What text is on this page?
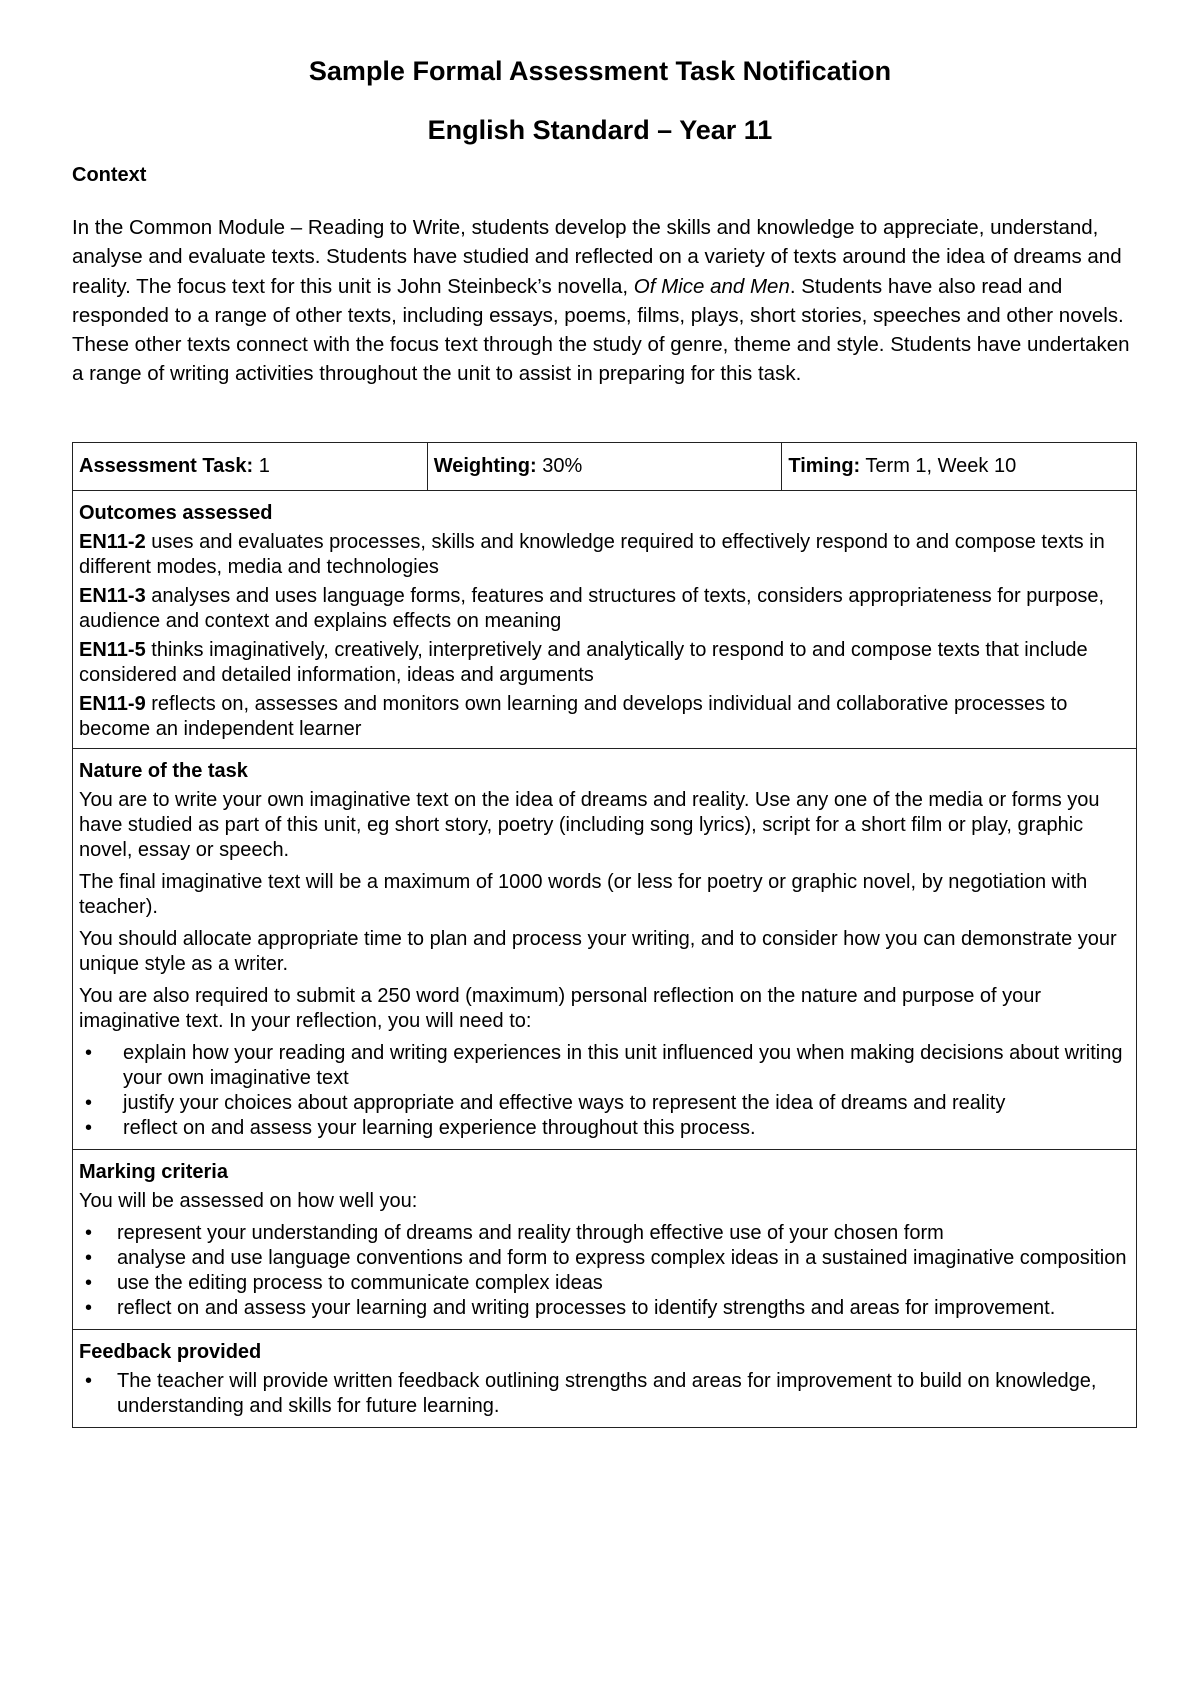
Sample Formal Assessment Task Notification
English Standard – Year 11
Context

In the Common Module – Reading to Write, students develop the skills and knowledge to appreciate, understand, analyse and evaluate texts. Students have studied and reflected on a variety of texts around the idea of dreams and reality. The focus text for this unit is John Steinbeck’s novella, Of Mice and Men. Students have also read and responded to a range of other texts, including essays, poems, films, plays, short stories, speeches and other novels. These other texts connect with the focus text through the study of genre, theme and style. Students have undertaken a range of writing activities throughout the unit to assist in preparing for this task.

Assessment Task: 1	Weighting: 30%	Timing: Term 1, Week 10

Outcomes assessed
EN11-2 uses and evaluates processes, skills and knowledge required to effectively respond to and compose texts in different modes, media and technologies
EN11-3 analyses and uses language forms, features and structures of texts, considers appropriateness for purpose, audience and context and explains effects on meaning
EN11-5 thinks imaginatively, creatively, interpretively and analytically to respond to and compose texts that include considered and detailed information, ideas and arguments
EN11-9 reflects on, assesses and monitors own learning and develops individual and collaborative processes to become an independent learner

Nature of the task

You are to write your own imaginative text on the idea of dreams and reality. Use any one of the media or forms you have studied as part of this unit, eg short story, poetry (including song lyrics), script for a short film or play, graphic novel, essay or speech.

The final imaginative text will be a maximum of 1000 words (or less for poetry or graphic novel, by negotiation with teacher).

You should allocate appropriate time to plan and process your writing, and to consider how you can demonstrate your unique style as a writer.

You are also required to submit a 250 word (maximum) personal reflection on the nature and purpose of your imaginative text. In your reflection, you will need to:

• explain how your reading and writing experiences in this unit influenced you when making decisions about writing your own imaginative text
• justify your choices about appropriate and effective ways to represent the idea of dreams and reality
• reflect on and assess your learning experience throughout this process.

Marking criteria

You will be assessed on how well you:

• represent your understanding of dreams and reality through effective use of your chosen form
• analyse and use language conventions and form to express complex ideas in a sustained imaginative composition
• use the editing process to communicate complex ideas
• reflect on and assess your learning and writing processes to identify strengths and areas for improvement.

Feedback provided
• The teacher will provide written feedback outlining strengths and areas for improvement to build on knowledge, understanding and skills for future learning.
